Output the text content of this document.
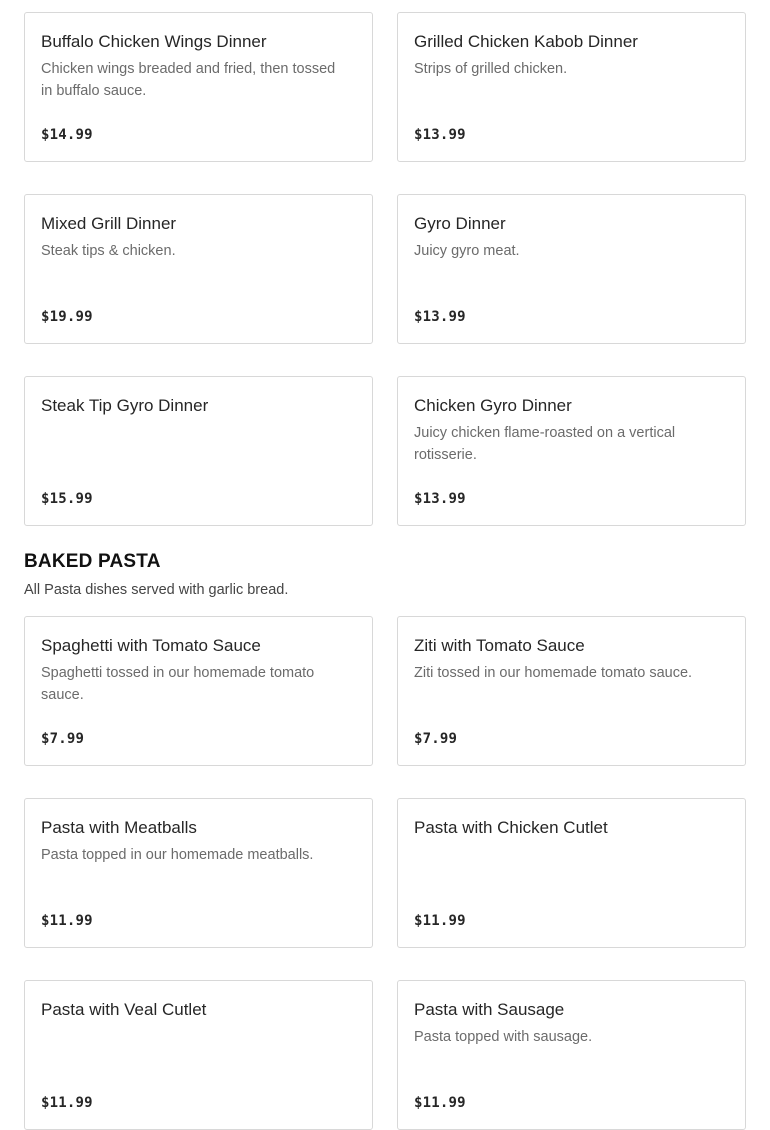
Buffalo Chicken Wings Dinner
Chicken wings breaded and fried, then tossed in buffalo sauce.
$14.99
Grilled Chicken Kabob Dinner
Strips of grilled chicken.
$13.99
Mixed Grill Dinner
Steak tips & chicken.
$19.99
Gyro Dinner
Juicy gyro meat.
$13.99
Steak Tip Gyro Dinner
$15.99
Chicken Gyro Dinner
Juicy chicken flame-roasted on a vertical rotisserie.
$13.99
BAKED PASTA
All Pasta dishes served with garlic bread.
Spaghetti with Tomato Sauce
Spaghetti tossed in our homemade tomato sauce.
$7.99
Ziti with Tomato Sauce
Ziti tossed in our homemade tomato sauce.
$7.99
Pasta with Meatballs
Pasta topped in our homemade meatballs.
$11.99
Pasta with Chicken Cutlet
$11.99
Pasta with Veal Cutlet
$11.99
Pasta with Sausage
Pasta topped with sausage.
$11.99
